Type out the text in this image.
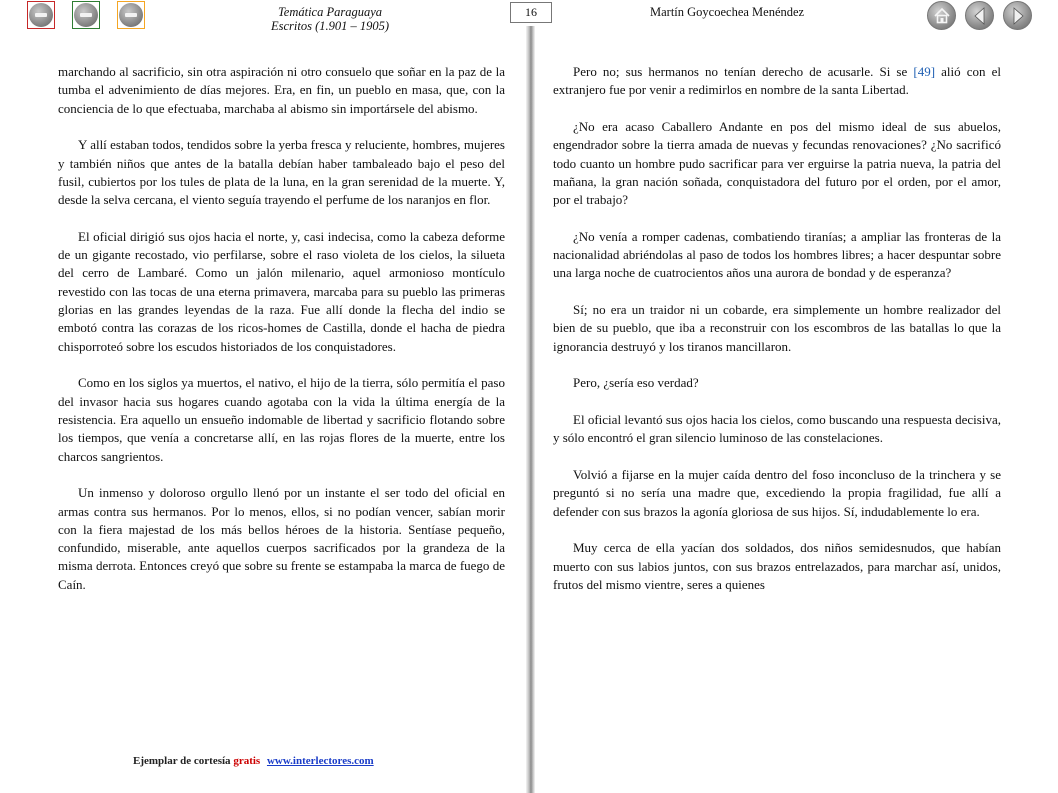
Temática Paraguaya
Escritos (1.901 – 1905)
16	Martín Goycoechea Menéndez

marchando al sacrificio, sin otra aspiración ni otro consuelo que soñar en la paz de la tumba el advenimiento de días mejores. Era, en fin, un pueblo en masa, que, con la conciencia de lo que efectuaba, marchaba al abismo sin importársele del abismo.

Y allí estaban todos, tendidos sobre la yerba fresca y reluciente, hombres, mujeres y también niños que antes de la batalla debían haber tambaleado bajo el peso del fusil, cubiertos por los tules de plata de la luna, en la gran serenidad de la muerte. Y, desde la selva cercana, el viento seguía trayendo el perfume de los naranjos en flor.

El oficial dirigió sus ojos hacia el norte, y, casi indecisa, como la cabeza deforme de un gigante recostado, vio perfilarse, sobre el raso violeta de los cielos, la silueta del cerro de Lambaré. Como un jalón milenario, aquel armonioso montículo revestido con las tocas de una eterna primavera, marcaba para su pueblo las primeras glorias en las grandes leyendas de la raza. Fue allí donde la flecha del indio se embotó contra las corazas de los ricos-homes de Castilla, donde el hacha de piedra chisporroteó sobre los escudos historiados de los conquistadores.

Como en los siglos ya muertos, el nativo, el hijo de la tierra, sólo permitía el paso del invasor hacia sus hogares cuando agotaba con la vida la última energía de la resistencia. Era aquello un ensueño indomable de libertad y sacrificio flotando sobre los tiempos, que venía a concretarse allí, en las rojas flores de la muerte, entre los charcos sangrientos.

Un inmenso y doloroso orgullo llenó por un instante el ser todo del oficial en armas contra sus hermanos. Por lo menos, ellos, si no podían vencer, sabían morir con la fiera majestad de los más bellos héroes de la historia. Sentíase pequeño, confundido, miserable, ante aquellos cuerpos sacrificados por la grandeza de la misma derrota. Entonces creyó que sobre su frente se estampaba la marca de fuego de Caín.

Pero no; sus hermanos no tenían derecho de acusarle. Si se [49] alió con el extranjero fue por venir a redimirlos en nombre de la santa Libertad.

¿No era acaso Caballero Andante en pos del mismo ideal de sus abuelos, engendrador sobre la tierra amada de nuevas y fecundas renovaciones? ¿No sacrificó todo cuanto un hombre pudo sacrificar para ver erguirse la patria nueva, la patria del mañana, la gran nación soñada, conquistadora del futuro por el orden, por el amor, por el trabajo?

¿No venía a romper cadenas, combatiendo tiranías; a ampliar las fronteras de la nacionalidad abriéndolas al paso de todos los hombres libres; a hacer despuntar sobre una larga noche de cuatrocientos años una aurora de bondad y de esperanza?

Sí; no era un traidor ni un cobarde, era simplemente un hombre realizador del bien de su pueblo, que iba a reconstruir con los escombros de las batallas lo que la ignorancia destruyó y los tiranos mancillaron.

Pero, ¿sería eso verdad?

El oficial levantó sus ojos hacia los cielos, como buscando una respuesta decisiva, y sólo encontró el gran silencio luminoso de las constelaciones.

Volvió a fijarse en la mujer caída dentro del foso inconcluso de la trinchera y se preguntó si no sería una madre que, excediendo la propia fragilidad, fue allí a defender con sus brazos la agonía gloriosa de sus hijos. Sí, indudablemente lo era.

Muy cerca de ella yacían dos soldados, dos niños semidesnudos, que habían muerto con sus labios juntos, con sus brazos entrelazados, para marchar así, unidos, frutos del mismo vientre, seres a quienes

Ejemplar de cortesía gratis www.interlectores.com
